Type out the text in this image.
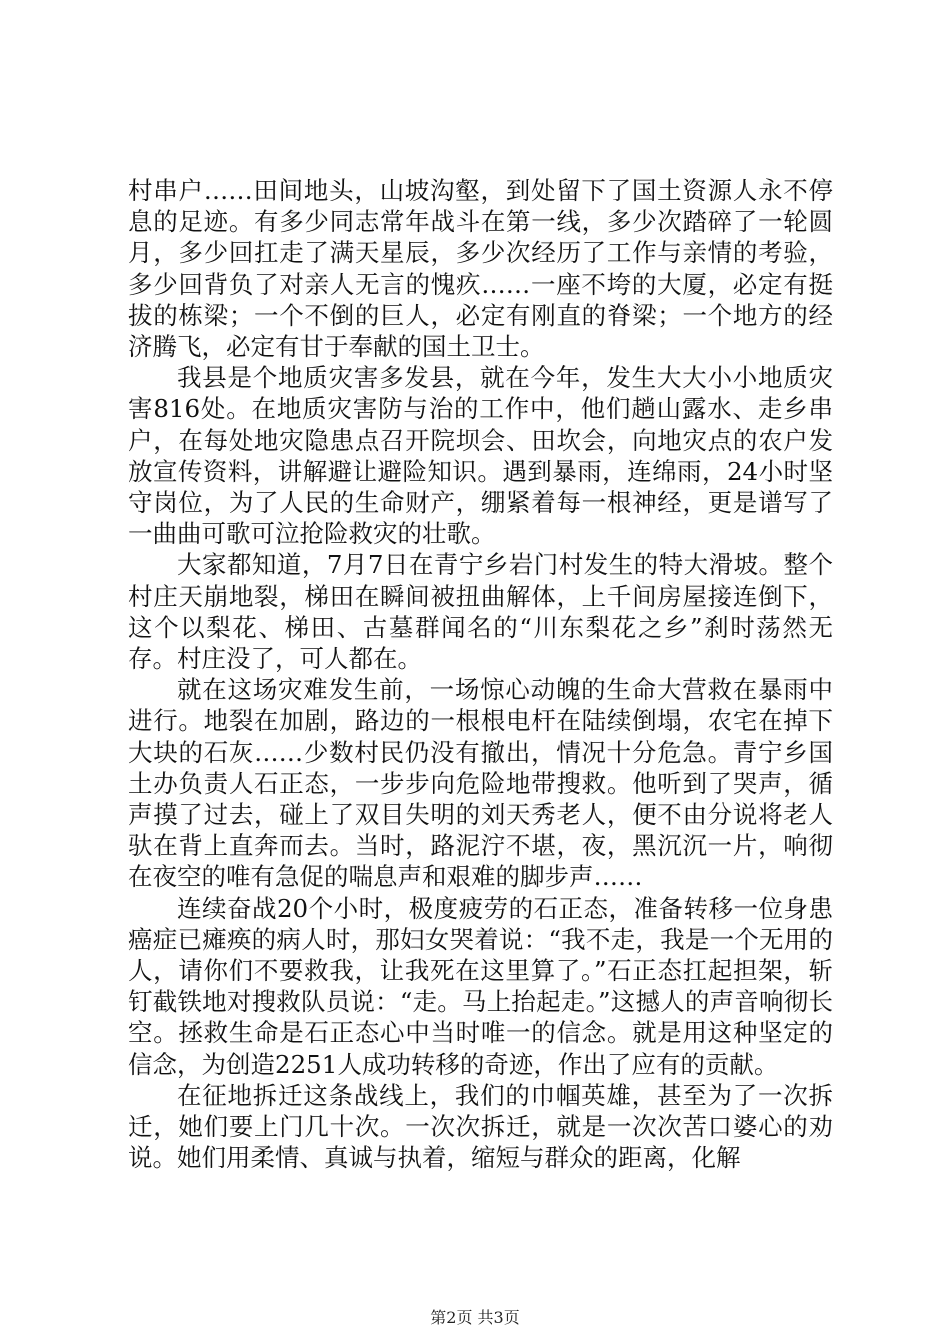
村串户……田间地头，山坡沟壑，到处留下了国土资源人永不停息的足迹。有多少同志常年战斗在第一线，多少次踏碎了一轮圆月，多少回扛走了满天星辰，多少次经历了工作与亲情的考验，多少回背负了对亲人无言的愧疚……一座不垮的大厦，必定有挺拔的栋梁；一个不倒的巨人，必定有刚直的脊梁；一个地方的经济腾飞，必定有甘于奉献的国土卫士。

我县是个地质灾害多发县，就在今年，发生大大小小地质灾害816处。在地质灾害防与治的工作中，他们趟山露水、走乡串户，在每处地灾隐患点召开院坝会、田坎会，向地灾点的农户发放宣传资料，讲解避让避险知识。遇到暴雨，连绵雨，24小时坚守岗位，为了人民的生命财产，绷紧着每一根神经，更是谱写了一曲曲可歌可泣抢险救灾的壮歌。

大家都知道，7月7日在青宁乡岩门村发生的特大滑坡。整个村庄天崩地裂，梯田在瞬间被扭曲解体，上千间房屋接连倒下，这个以梨花、梯田、古墓群闻名的“川东梨花之乡”刹时荡然无存。村庄没了，可人都在。

就在这场灾难发生前，一场惊心动魄的生命大营救在暴雨中进行。地裂在加剧，路边的一根根电杆在陆续倒塌，农宅在掉下大块的石灰……少数村民仍没有撤出，情况十分危急。青宁乡国土办负责人石正态，一步步向危险地带搜救。他听到了哭声，循声摸了过去，碰上了双目失明的刘天秀老人，便不由分说将老人驮在背上直奔而去。当时，路泥泞不堪，夜，黑沉沉一片，响彻在夜空的唯有急促的喘息声和艰难的脚步声……

连续奋战20个小时，极度疲劳的石正态，准备转移一位身患癌症已瘫痪的病人时，那妇女哭着说：“我不走，我是一个无用的人，请你们不要救我，让我死在这里算了。”石正态扛起担架，斩钉截铁地对搜救队员说：“走。马上抬起走。”这撼人的声音响彻长空。拯救生命是石正态心中当时唯一的信念。就是用这种坚定的信念，为创造2251人成功转移的奇迹，作出了应有的贡献。

在征地拆迁这条战线上，我们的巾帼英雄，甚至为了一次拆迁，她们要上门几十次。一次次拆迁，就是一次次苦口婆心的劝说。她们用柔情、真诚与执着，缩短与群众的距离，化解

第2页 共3页
